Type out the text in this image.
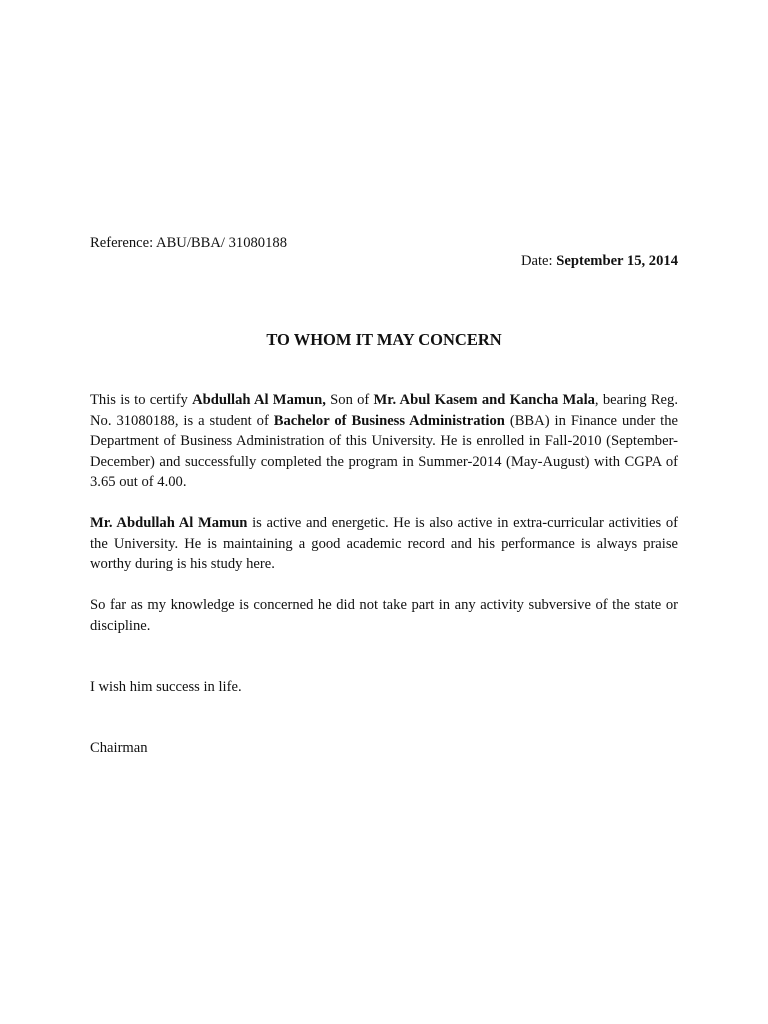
Reference: ABU/BBA/ 31080188
Date: September 15, 2014
TO WHOM IT MAY CONCERN

This is to certify Abdullah Al Mamun, Son of Mr. Abul Kasem and Kancha Mala, bearing Reg. No. 31080188, is a student of Bachelor of Business Administration (BBA) in Finance under the Department of Business Administration of this University. He is enrolled in Fall-2010 (September-December) and successfully completed the program in Summer-2014 (May-August) with CGPA of 3.65 out of 4.00.

Mr. Abdullah Al Mamun is active and energetic. He is also active in extra-curricular activities of the University. He is maintaining a good academic record and his performance is always praise worthy during is his study here.

So far as my knowledge is concerned he did not take part in any activity subversive of the state or discipline.

I wish him success in life.

Chairman
